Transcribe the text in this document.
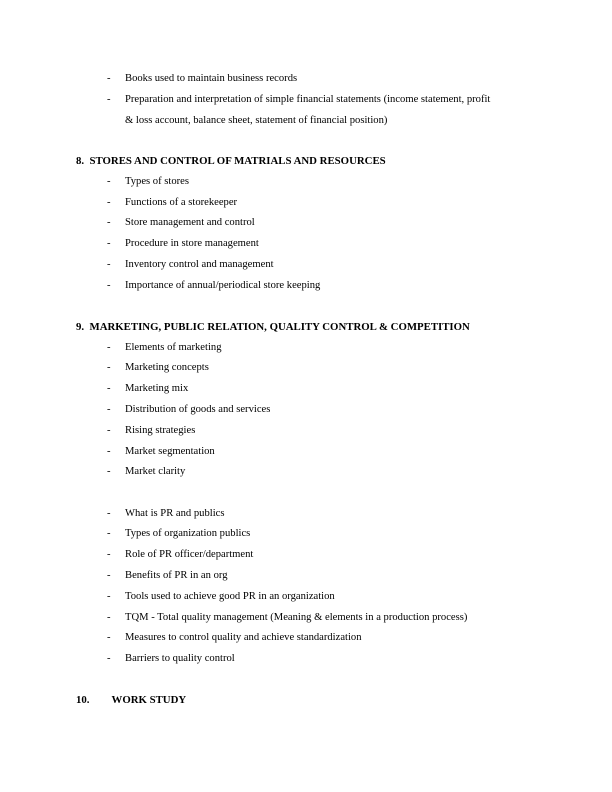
- Books used to maintain business records
- Preparation and interpretation of simple financial statements (income statement, profit
& loss account, balance sheet, statement of financial position)
8.  STORES AND CONTROL OF MATRIALS AND RESOURCES
- Types of stores
- Functions of a storekeeper
- Store management and control
- Procedure in store management
- Inventory control and management
- Importance of annual/periodical store keeping
9.  MARKETING, PUBLIC RELATION, QUALITY CONTROL & COMPETITION
- Elements of marketing
- Marketing concepts
- Marketing mix
- Distribution of goods and services
- Rising strategies
- Market segmentation
- Market clarity
- What is PR and publics
- Types of organization publics
- Role of PR officer/department
- Benefits of PR in an org
- Tools used to achieve good PR in an organization
- TQM - Total quality management (Meaning & elements in a production process)
- Measures to control quality and achieve standardization
- Barriers to quality control
10. WORK STUDY
